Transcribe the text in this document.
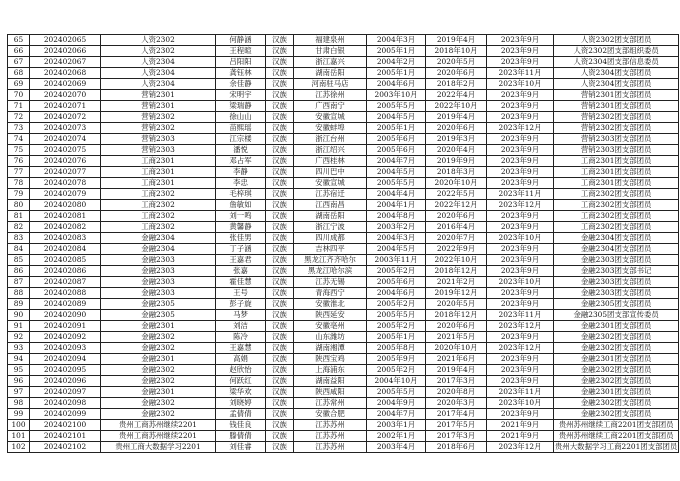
65	202402065	人资2302	何静涵	汉族	福建泉州	2004年3月	2019年4月	2023年9月	人资2302团支部团员
66	202402066	人资2302	王程暄	汉族	甘肃白银	2005年1月	2018年10月	2023年9月	人资2302团支部组织委员
67	202402067	人资2304	吕阳阳	汉族	浙江嘉兴	2004年2月	2020年5月	2023年9月	人资2304团支部信息委员
68	202402068	人资2304	龚钰林	汉族	湖南岳阳	2005年1月	2020年6月	2023年11月	人资2304团支部团员
69	202402069	人资2304	余佳静	汉族	河南驻马店	2004年6月	2018年2月	2023年10月	人资2304团支部团员
70	202402070	营销2301	宋明宇	汉族	江苏徐州	2003年10月	2022年4月	2023年9月	营销2301团支部团员
71	202402071	营销2301	梁瑞静	汉族	广西南宁	2005年5月	2022年10月	2023年9月	营销2301团支部团员
72	202402072	营销2302	徐山山	汉族	安徽宣城	2004年5月	2019年4月	2023年9月	营销2302团支部团员
73	202402073	营销2302	苗熙瑶	汉族	安徽蚌埠	2005年1月	2020年6月	2023年12月	营销2302团支部团员
74	202402074	营销2303	江宗楼	汉族	浙江台州	2005年6月	2019年3月	2023年9月	营销2303团支部团员
75	202402075	营销2303	潘悦	汉族	浙江绍兴	2005年6月	2020年4月	2023年9月	营销2303团支部团员
76	202402076	工商2301	邓占军	汉族	广西桂林	2004年7月	2019年9月	2023年9月	工商2301团支部团员
77	202402077	工商2301	李静	汉族	四川巴中	2004年5月	2018年3月	2023年9月	工商2301团支部团员
78	202402078	工商2301	李忠	汉族	安徽宣城	2005年5月	2020年10月	2023年9月	工商2301团支部团员
79	202402079	工商2302	毛梓琪	汉族	江苏宿迁	2004年4月	2022年5月	2023年11月	工商2302团支部团员
80	202402080	工商2302	詹敏如	汉族	江西南昌	2004年1月	2022年12月	2023年12月	工商2302团支部团员
81	202402081	工商2302	刘一鸣	汉族	湖南岳阳	2004年8月	2020年6月	2023年9月	工商2302团支部团员
82	202402082	工商2302	黄馨静	汉族	浙江宁波	2003年2月	2016年4月	2023年9月	工商2302团支部团员
83	202402083	金融2304	张佳男	汉族	四川成都	2004年3月	2020年7月	2023年10月	金融2304团支部团员
84	202402084	金融2304	丁子涵	汉族	吉林四平	2004年5月	2022年9月	2023年9月	金融2304团支部团员
85	202402085	金融2303	王嘉君	汉族	黑龙江齐齐哈尔	2003年11月	2022年10月	2023年9月	金融2303团支部团员
86	202402086	金融2303	张嘉	汉族	黑龙江哈尔滨	2005年2月	2018年12月	2023年9月	金融2303团支部书记
87	202402087	金融2303	霍佳慧	汉族	江苏无锡	2005年6月	2021年2月	2023年10月	金融2303团支部团员
88	202402088	金融2303	王号	汉族	青海西宁	2004年6月	2019年12月	2023年9月	金融2303团支部团员
89	202402089	金融2305	彭子旋	汉族	安徽淮北	2005年2月	2020年5月	2023年9月	金融2305团支部团员
90	202402090	金融2305	马梦	汉族	陕西延安	2005年5月	2018年12月	2023年11月	金融2305团支部宣传委员
91	202402091	金融2301	刘洁	汉族	安徽亳州	2005年2月	2020年6月	2023年12月	金融2301团支部团员
92	202402092	金融2302	陈冷	汉族	山东潍坊	2005年1月	2021年5月	2023年9月	金融2302团支部团员
93	202402093	金融2302	王嘉慧	汉族	湖南湘潭	2005年8月	2020年10月	2023年12月	金融2302团支部团员
94	202402094	金融2301	高娟	汉族	陕西宝鸡	2005年9月	2021年6月	2023年9月	金融2301团支部团员
95	202402095	金融2302	赵欣怡	汉族	上海浦东	2005年2月	2019年4月	2023年9月	金融2302团支部团员
96	202402096	金融2302	何跃红	汉族	湖南益阳	2004年10月	2017年3月	2023年9月	金融2302团支部团员
97	202402097	金融2301	梁华欢	汉族	陕西咸阳	2005年5月	2020年8月	2023年11月	金融2301团支部团员
98	202402098	金融2302	刘晓婷	汉族	江苏常州	2004年9月	2020年3月	2023年10月	金融2302团支部团员
99	202402099	金融2302	孟倩倩	汉族	安徽合肥	2004年7月	2017年4月	2023年9月	金融2302团支部团员
100	202402100	贵州工商苏州继续2201	钱佳良	汉族	江苏苏州	2003年1月	2017年5月	2021年9月	贵州苏州继续工商2201团支部团员
101	202402101	贵州工商苏州继续2201	滕倩倩	汉族	江苏苏州	2002年1月	2017年3月	2021年9月	贵州苏州继续工商2201团支部团员
102	202402102	贵州工商大数据学习2201	刘佳睿	汉族	江苏苏州	2003年4月	2018年6月	2023年12月	贵州大数据学习工商2201团支部团员
